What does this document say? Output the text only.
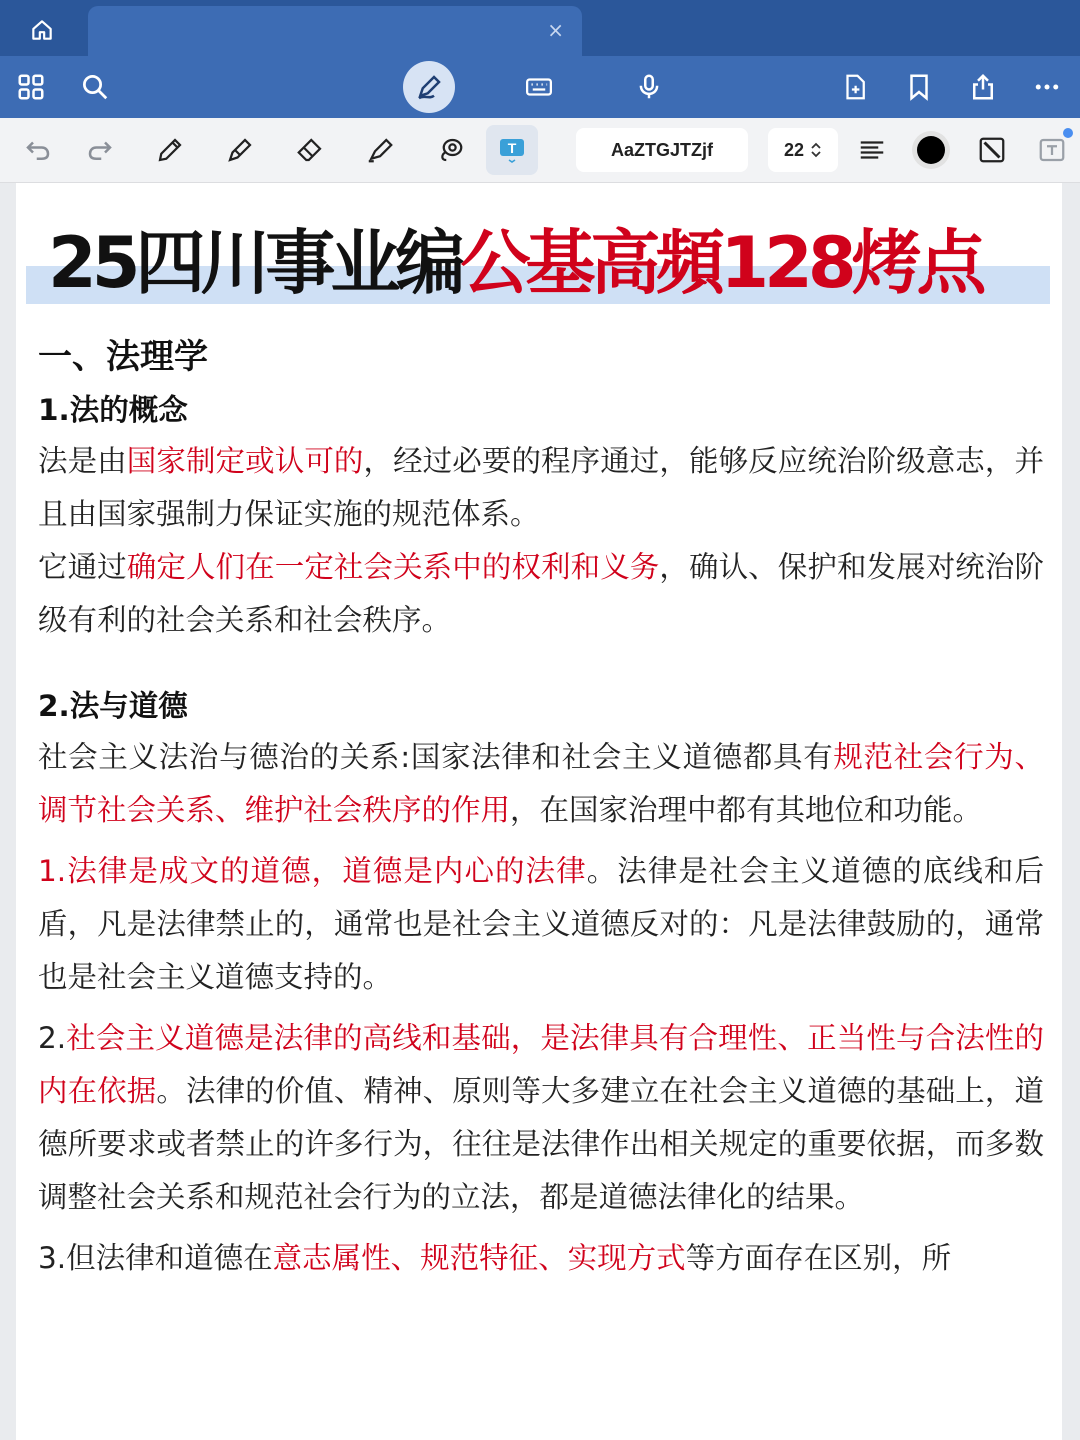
×
T	AaZTGJTZjf	22
25四川事业编公基高頻128烤点
一、法理学
1.法的概念

法是由国家制定或认可的，经过必要的程序通过，能够反应统治阶级意志，并且由国家强制力保证实施的规范体系。

它通过确定人们在一定社会关系中的权利和义务，确认、保护和发展对统治阶级有利的社会关系和社会秩序。

2.法与道德

社会主义法治与德治的关系:国家法律和社会主义道德都具有规范社会行为、调节社会关系、维护社会秩序的作用，在国家治理中都有其地位和功能。

1.法律是成文的道德，道德是内心的法律。法律是社会主义道德的底线和后盾，凡是法律禁止的，通常也是社会主义道德反对的：凡是法律鼓励的，通常也是社会主义道德支持的。

2.社会主义道德是法律的高线和基础，是法律具有合理性、正当性与合法性的内在依据。法律的价值、精神、原则等大多建立在社会主义道德的基础上，道德所要求或者禁止的许多行为，往往是法律作出相关规定的重要依据，而多数调整社会关系和规范社会行为的立法，都是道德法律化的结果。

3.但法律和道德在意志属性、规范特征、实现方式等方面存在区别，所
